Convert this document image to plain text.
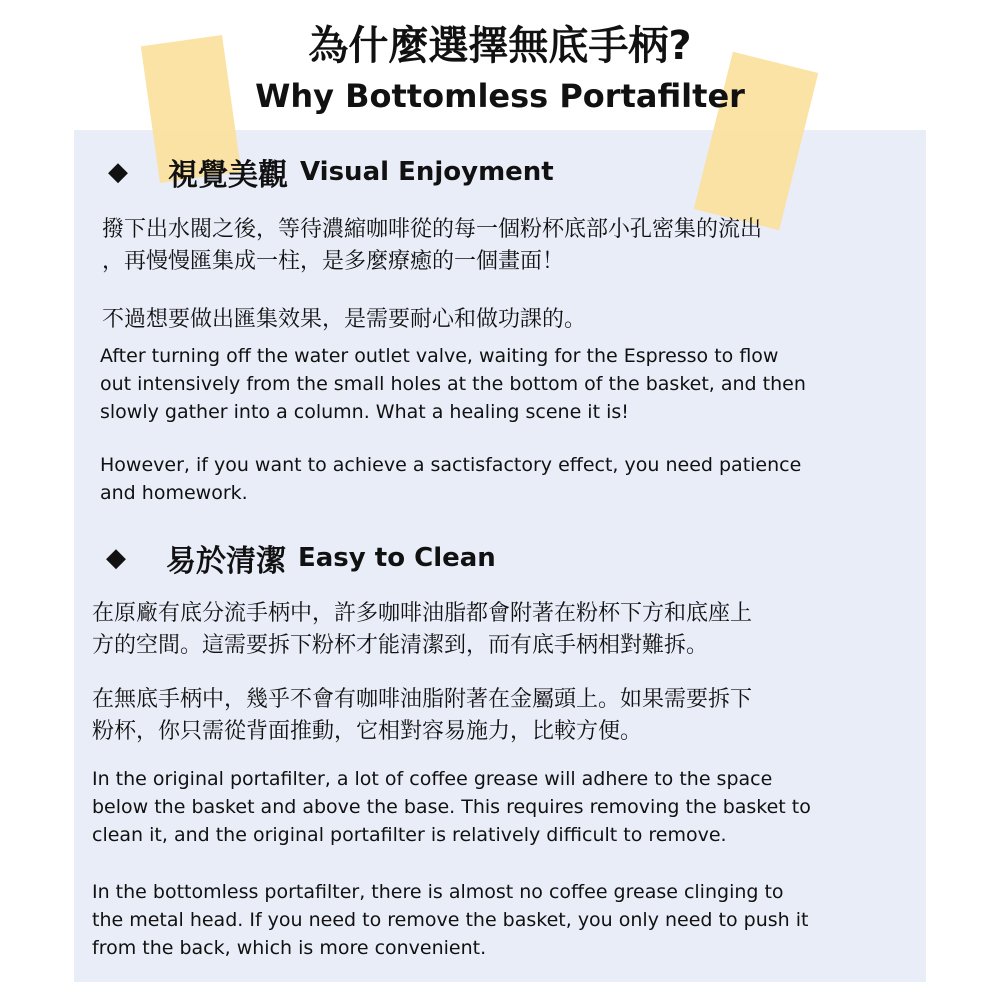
為什麼選擇無底手柄?
Why Bottomless Portafilter
◆	視覺美觀 Visual Enjoyment
撥下出水閥之後，等待濃縮咖啡從的每一個粉杯底部小孔密集的流出
，再慢慢匯集成一柱，是多麼療癒的一個畫面！
不過想要做出匯集效果，是需要耐心和做功課的。
After turning off the water outlet valve, waiting for the Espresso to flow
out intensively from the small holes at the bottom of the basket, and then
slowly gather into a column. What a healing scene it is!
However, if you want to achieve a sactisfactory effect, you need patience
and homework.
◆	易於清潔 Easy to Clean
在原廠有底分流手柄中，許多咖啡油脂都會附著在粉杯下方和底座上
方的空間。這需要拆下粉杯才能清潔到，而有底手柄相對難拆。
在無底手柄中，幾乎不會有咖啡油脂附著在金屬頭上。如果需要拆下
粉杯，你只需從背面推動，它相對容易施力，比較方便。
In the original portafilter, a lot of coffee grease will adhere to the space
below the basket and above the base. This requires removing the basket to
clean it, and the original portafilter is relatively difficult to remove.
In the bottomless portafilter, there is almost no coffee grease clinging to
the metal head. If you need to remove the basket, you only need to push it
from the back, which is more convenient.
